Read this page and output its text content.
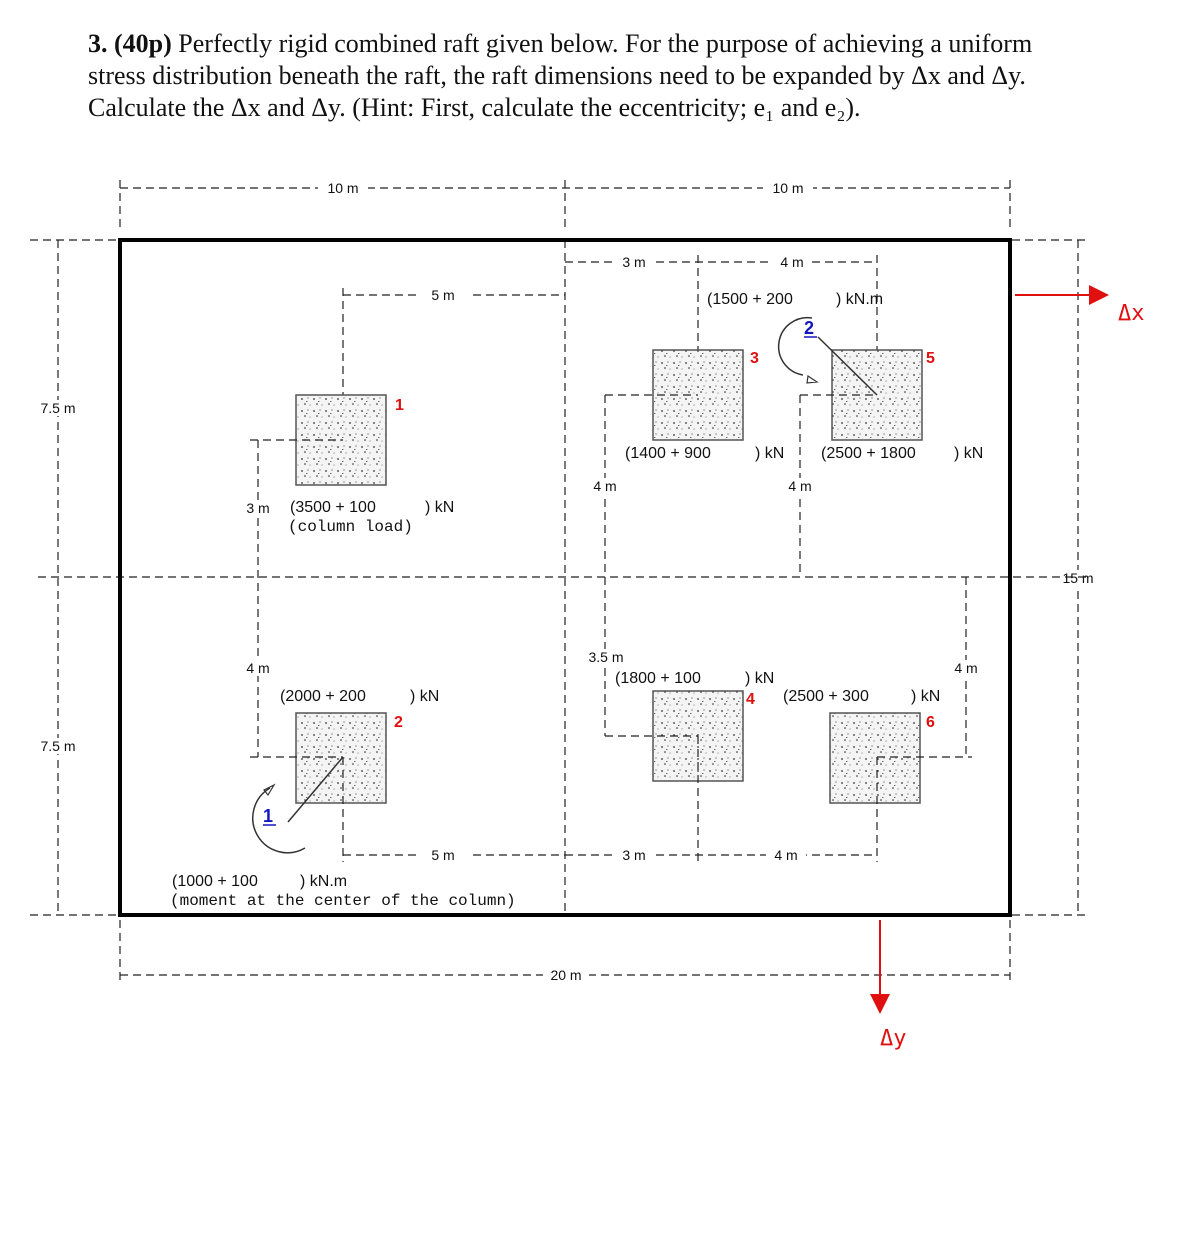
3. (40p) Perfectly rigid combined raft given below. For the purpose of achieving a uniform stress distribution beneath the raft, the raft dimensions need to be expanded by Δx and Δy. Calculate the Δx and Δy. (Hint: First, calculate the eccentricity; e₁ and e₂).
10 m	10 m
20 m
7.5 m
7.5 m
15 m
5 m
1
3 m (3500 + 100	) kN
(column load)
4 m
(2000 + 200	) kN
2
5 m
1
(1000 + 100	) kN.m
(moment at the center of the column)
3 m	4 m
(1500 + 200	) kN.m
3
4 m
(1400 + 900	) kN
5
4 m
(2500 + 1800 ) kN
2
3.5 m
(1800 + 100	) kN
4
4 m
(2500 + 300	) kN
6
3 m	4 m
Δx
Δy
